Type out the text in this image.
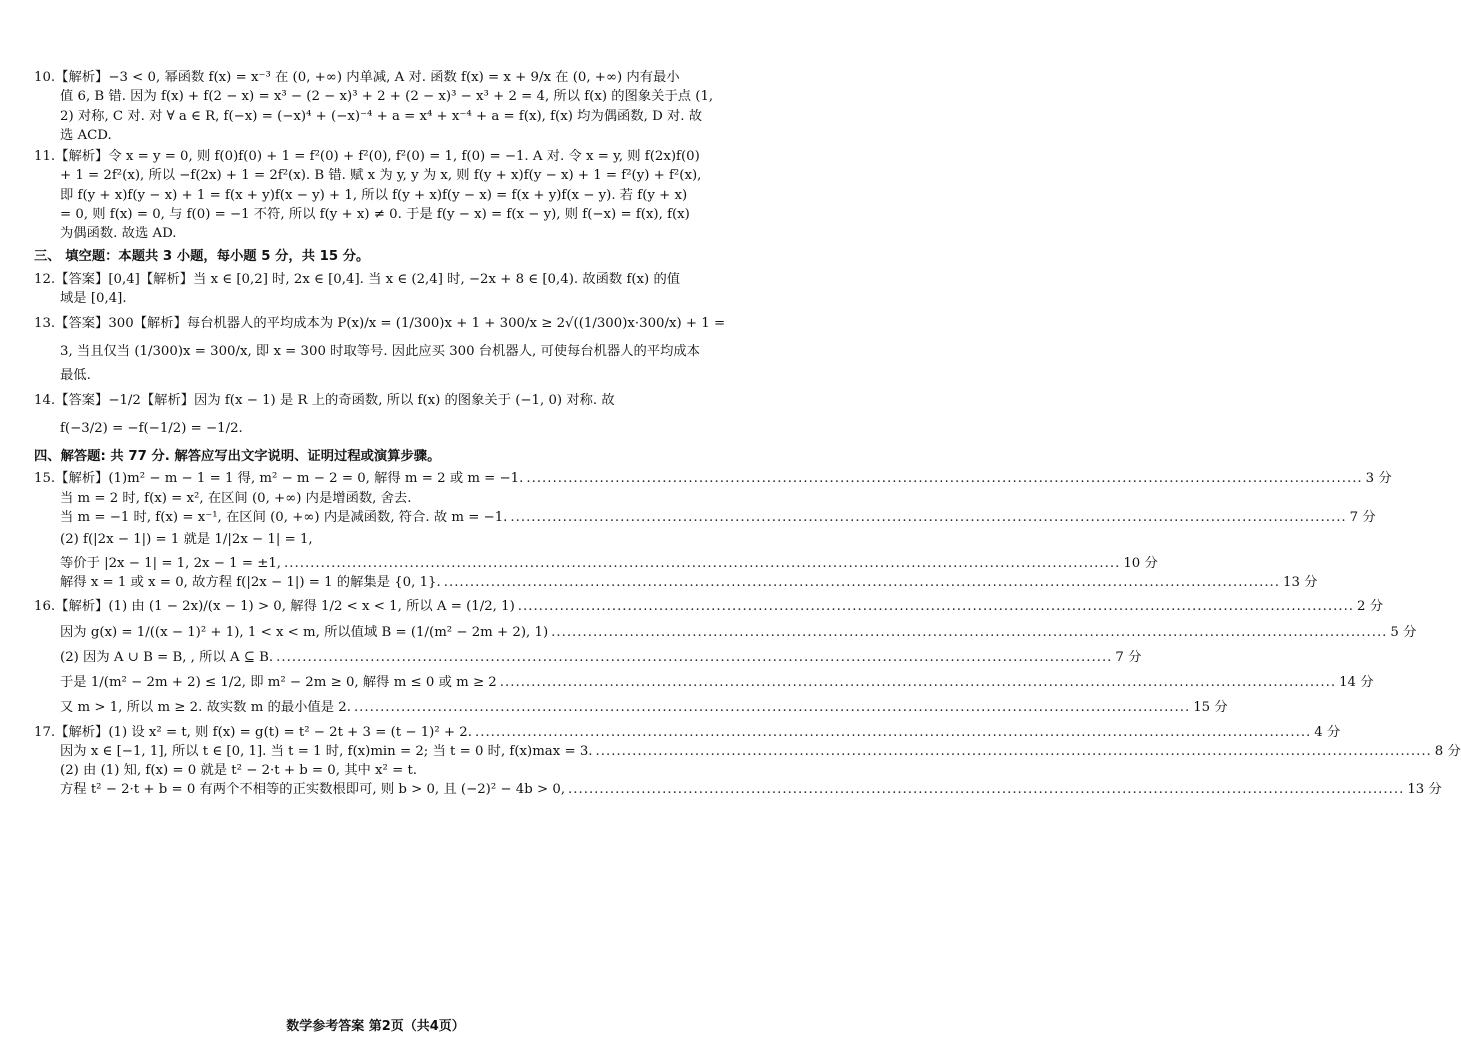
10.【解析】−3 < 0, 幂函数 f(x) = x⁻³ 在 (0, +∞) 内单减, A 对. 函数 f(x) = x + 9/x 在 (0, +∞) 内有最小
值 6, B 错. 因为 f(x) + f(2 − x) = x³ − (2 − x)³ + 2 + (2 − x)³ − x³ + 2 = 4, 所以 f(x) 的图象关于点 (1,
2) 对称, C 对. 对 ∀ a ∈ R, f(−x) = (−x)⁴ + (−x)⁻⁴ + a = x⁴ + x⁻⁴ + a = f(x), f(x) 均为偶函数, D 对. 故
选 ACD.
11.【解析】令 x = y = 0, 则 f(0)f(0) + 1 = f²(0) + f²(0), f²(0) = 1, f(0) = −1. A 对. 令 x = y, 则 f(2x)f(0)
+ 1 = 2f²(x), 所以 −f(2x) + 1 = 2f²(x). B 错. 赋 x 为 y, y 为 x, 则 f(y + x)f(y − x) + 1 = f²(y) + f²(x),
即 f(y + x)f(y − x) + 1 = f(x + y)f(x − y) + 1, 所以 f(y + x)f(y − x) = f(x + y)f(x − y). 若 f(y + x)
= 0, 则 f(x) = 0, 与 f(0) = −1 不符, 所以 f(y + x) ≠ 0. 于是 f(y − x) = f(x − y), 则 f(−x) = f(x), f(x)
为偶函数. 故选 AD.
三、 填空题：本题共 3 小题，每小题 5 分，共 15 分。
12.【答案】[0,4]【解析】当 x ∈ [0,2] 时, 2x ∈ [0,4]. 当 x ∈ (2,4] 时, −2x + 8 ∈ [0,4). 故函数 f(x) 的值
域是 [0,4].
13.【答案】300【解析】每台机器人的平均成本为 P(x)/x = (1/300)x + 1 + 300/x ≥ 2√((1/300)x·300/x) + 1 =
3, 当且仅当 (1/300)x = 300/x, 即 x = 300 时取等号. 因此应买 300 台机器人, 可使每台机器人的平均成本
最低.
14.【答案】−1/2【解析】因为 f(x − 1) 是 R 上的奇函数, 所以 f(x) 的图象关于 (−1, 0) 对称. 故
f(−3/2) = −f(−1/2) = −1/2.
四、解答题: 共 77 分. 解答应写出文字说明、证明过程或演算步骤。
15.【解析】(1)m² − m − 1 = 1 得, m² − m − 2 = 0, 解得 m = 2 或 m = −1. .....	3 分
当 m = 2 时, f(x) = x², 在区间 (0, +∞) 内是增函数, 舍去.
当 m = −1 时, f(x) = x⁻¹, 在区间 (0, +∞) 内是减函数, 符合. 故 m = −1. .....	7 分
(2) f(|2x − 1|) = 1 就是 1/|2x − 1| = 1,
等价于 |2x − 1| = 1, 2x − 1 = ±1, .....	10 分
解得 x = 1 或 x = 0, 故方程 f(|2x − 1|) = 1 的解集是 {0, 1}. .....	13 分
16.【解析】(1) 由 (1 − 2x)/(x − 1) > 0, 解得 1/2 < x < 1, 所以 A = (1/2, 1) .....	2 分
因为 g(x) = 1/((x − 1)² + 1), 1 < x < m, 所以值域 B = (1/(m² − 2m + 2), 1) .....	5 分
(2) 因为 A ∪ B = B, , 所以 A ⊆ B. .....	7 分
于是 1/(m² − 2m + 2) ≤ 1/2, 即 m² − 2m ≥ 0, 解得 m ≤ 0 或 m ≥ 2 .....	14 分
又 m > 1, 所以 m ≥ 2. 故实数 m 的最小值是 2. .....	15 分
17.【解析】(1) 设 x² = t, 则 f(x) = g(t) = t² − 2t + 3 = (t − 1)² + 2. .....	4 分
因为 x ∈ [−1, 1], 所以 t ∈ [0, 1]. 当 t = 1 时, f(x)min = 2; 当 t = 0 时, f(x)max = 3. .....	8 分
(2) 由 (1) 知, f(x) = 0 就是 t² − 2·t + b = 0, 其中 x² = t.
方程 t² − 2·t + b = 0 有两个不相等的正实数根即可, 则 b > 0, 且 (−2)² − 4b > 0, .....	13 分
数学参考答案 第2页（共4页）
